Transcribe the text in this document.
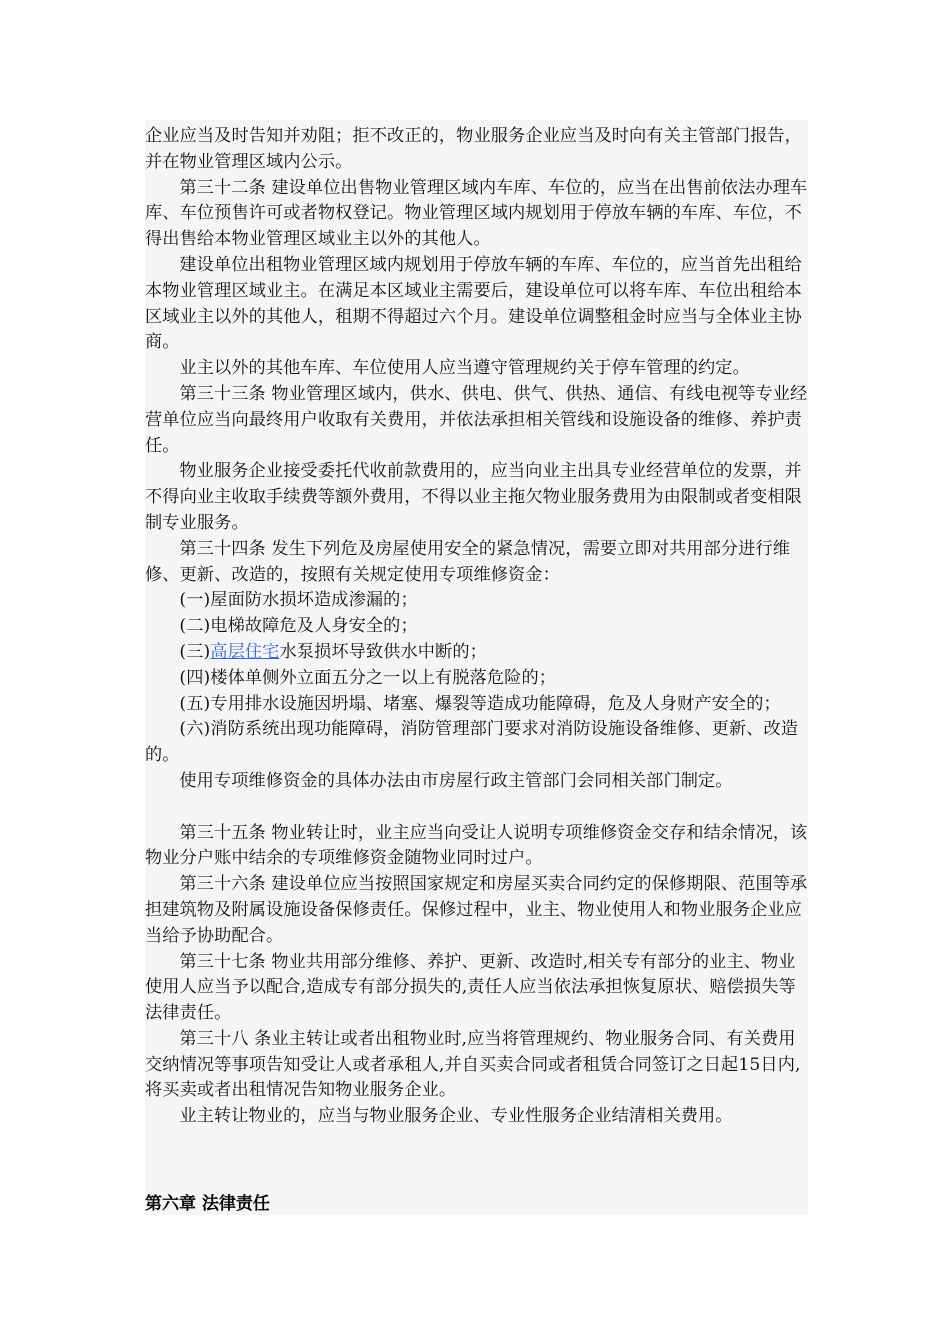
企业应当及时告知并劝阻；拒不改正的，物业服务企业应当及时向有关主管部门报告，并在物业管理区域内公示。

第三十二条 建设单位出售物业管理区域内车库、车位的，应当在出售前依法办理车库、车位预售许可或者物权登记。物业管理区域内规划用于停放车辆的车库、车位，不得出售给本物业管理区域业主以外的其他人。

建设单位出租物业管理区域内规划用于停放车辆的车库、车位的，应当首先出租给本物业管理区域业主。在满足本区域业主需要后，建设单位可以将车库、车位出租给本区域业主以外的其他人，租期不得超过六个月。建设单位调整租金时应当与全体业主协商。

业主以外的其他车库、车位使用人应当遵守管理规约关于停车管理的约定。

第三十三条 物业管理区域内，供水、供电、供气、供热、通信、有线电视等专业经营单位应当向最终用户收取有关费用，并依法承担相关管线和设施设备的维修、养护责任。

物业服务企业接受委托代收前款费用的，应当向业主出具专业经营单位的发票，并不得向业主收取手续费等额外费用，不得以业主拖欠物业服务费用为由限制或者变相限制专业服务。

第三十四条 发生下列危及房屋使用安全的紧急情况，需要立即对共用部分进行维修、更新、改造的，按照有关规定使用专项维修资金：

(一)屋面防水损坏造成渗漏的；

(二)电梯故障危及人身安全的；

(三)高层住宅水泵损坏导致供水中断的；

(四)楼体单侧外立面五分之一以上有脱落危险的；

(五)专用排水设施因坍塌、堵塞、爆裂等造成功能障碍，危及人身财产安全的；

(六)消防系统出现功能障碍，消防管理部门要求对消防设施设备维修、更新、改造的。

使用专项维修资金的具体办法由市房屋行政主管部门会同相关部门制定。

第三十五条 物业转让时，业主应当向受让人说明专项维修资金交存和结余情况，该物业分户账中结余的专项维修资金随物业同时过户。

第三十六条 建设单位应当按照国家规定和房屋买卖合同约定的保修期限、范围等承担建筑物及附属设施设备保修责任。保修过程中，业主、物业使用人和物业服务企业应当给予协助配合。

第三十七条 物业共用部分维修、养护、更新、改造时,相关专有部分的业主、物业使用人应当予以配合,造成专有部分损失的,责任人应当依法承担恢复原状、赔偿损失等法律责任。

第三十八 条业主转让或者出租物业时,应当将管理规约、物业服务合同、有关费用交纳情况等事项告知受让人或者承租人,并自买卖合同或者租赁合同签订之日起15日内,将买卖或者出租情况告知物业服务企业。

业主转让物业的，应当与物业服务企业、专业性服务企业结清相关费用。

第六章 法律责任
